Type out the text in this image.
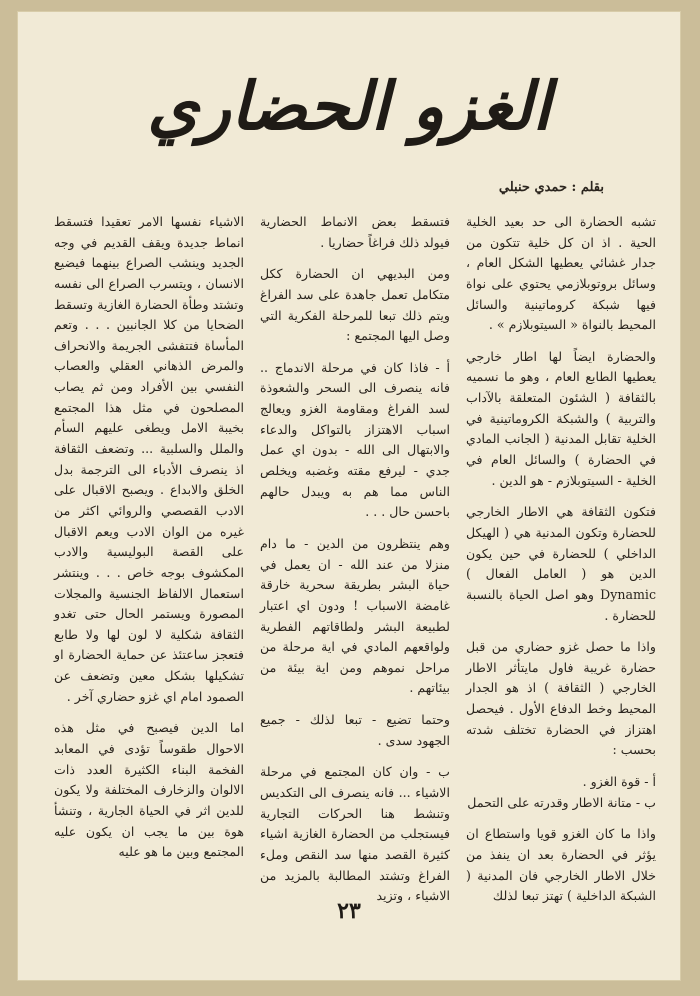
الغزو الحضاري
بقلم : حمدي حنبلي

تشبه الحضارة الى حد بعيد الخلية الحية . اذ ان كل خلية تتكون من جدار غشائي يعطيها الشكل العام ، وسائل بروتوبلازمي يحتوي على نواة فيها شبكة كروماتينية والسائل المحيط بالنواة « السيتوبلازم » .

والحضارة ايضاً لها اطار خارجي يعطيها الطابع العام ، وهو ما نسميه بالثقافة ( الشئون المتعلقة بالآداب والتربية ) والشبكة الكروماتينية في الخلية تقابل المدنية ( الجانب المادي في الحضارة ) والسائل العام في الخلية - السيتوبلازم - هو الدين .

فتكون الثقافة هي الاطار الخارجي للحضارة وتكون المدنية هي ( الهيكل الداخلي ) للحضارة في حين يكون الدين هو ( العامل الفعال ) Dynamic وهو اصل الحياة بالنسبة للحضارة .

واذا ما حصل غزو حضاري من قبل حضارة غريبة فاول مايتأثر الاطار الخارجي ( الثقافة ) اذ هو الجدار المحيط وخط الدفاع الأول . فيحصل اهتزاز في الحضارة تختلف شدته بحسب :

أ - قوة الغزو .

ب - متانة الاطار وقدرته على التحمل

واذا ما كان الغزو قويا واستطاع ان يؤثر في الحضارة بعد ان ينفذ من خلال الاطار الخارجي فان المدنية ( الشبكة الداخلية ) تهتز تبعا لذلك

فتسقط بعض الانماط الحضارية فيولد ذلك فراغاً حضاريا .

ومن البديهي ان الحضارة ككل متكامل تعمل جاهدة على سد الفراغ ويتم ذلك تبعا للمرحلة الفكرية التي وصل اليها المجتمع :

أ - فاذا كان في مرحلة الاندماج .. فانه ينصرف الى السحر والشعوذة لسد الفراغ ومقاومة الغزو ويعالج اسباب الاهتزاز بالتواكل والدعاء والابتهال الى الله - بدون اي عمل جدي - ليرفع مقته وغضبه ويخلص الناس مما هم به ويبدل حالهم باحسن حال . . .

وهم ينتظرون من الدين - ما دام منزلا من عند الله - ان يعمل في حياة البشر بطريقة سحرية خارقة غامضة الاسباب ! ودون اي اعتبار لطبيعة البشر ولطاقاتهم الفطرية ولواقعهم المادي في اية مرحلة من مراحل نموهم ومن اية بيئة من بيئاتهم .

وحتما تضيع - تبعا لذلك - جميع الجهود سدى .

ب - وان كان المجتمع في مرحلة الاشياء ... فانه ينصرف الى التكديس وتنشط هنا الحركات التجارية فيستجلب من الحضارة الغازية اشياء كثيرة القصد منها سد النقص وملء الفراغ وتشتد المطالبة بالمزيد من الاشياء ، وتزيد

الاشياء نفسها الامر تعقيدا فتسقط انماط جديدة ويقف القديم في وجه الجديد وينشب الصراع بينهما فيضيع الانسان ، ويتسرب الصراع الى نفسه وتشتد وطأة الحضارة الغازية وتسقط الضحايا من كلا الجانبين . . . وتعم المأساة فتتفشى الجريمة والانحراف والمرض الذهاني العقلي والعصاب النفسي بين الأفراد ومن ثم يصاب المصلحون في مثل هذا المجتمع بخيبة الامل ويطغى عليهم السأم والملل والسلبية ... وتضعف الثقافة اذ ينصرف الأدباء الى الترجمة بدل الخلق والابداع . ويصبح الاقبال على الادب القصصي والروائي اكثر من غيره من الوان الادب ويعم الاقبال على القصة البوليسية والادب المكشوف بوجه خاص . . . وينتشر استعمال الالفاظ الجنسية والمجلات المصورة ويستمر الحال حتى تغدو الثقافة شكلية لا لون لها ولا طابع فتعجز ساعتئذ عن حماية الحضارة او تشكيلها بشكل معين وتضعف عن الصمود امام اي غزو حضاري آخر .

اما الدين فيصبح في مثل هذه الاحوال طقوساً تؤدى في المعابد الفخمة البناء الكثيرة العدد ذات الالوان والزخارف المختلفة ولا يكون للدين اثر في الحياة الجارية ، وتنشأ هوة بين ما يجب ان يكون عليه المجتمع وبين ما هو عليه

٢٣
